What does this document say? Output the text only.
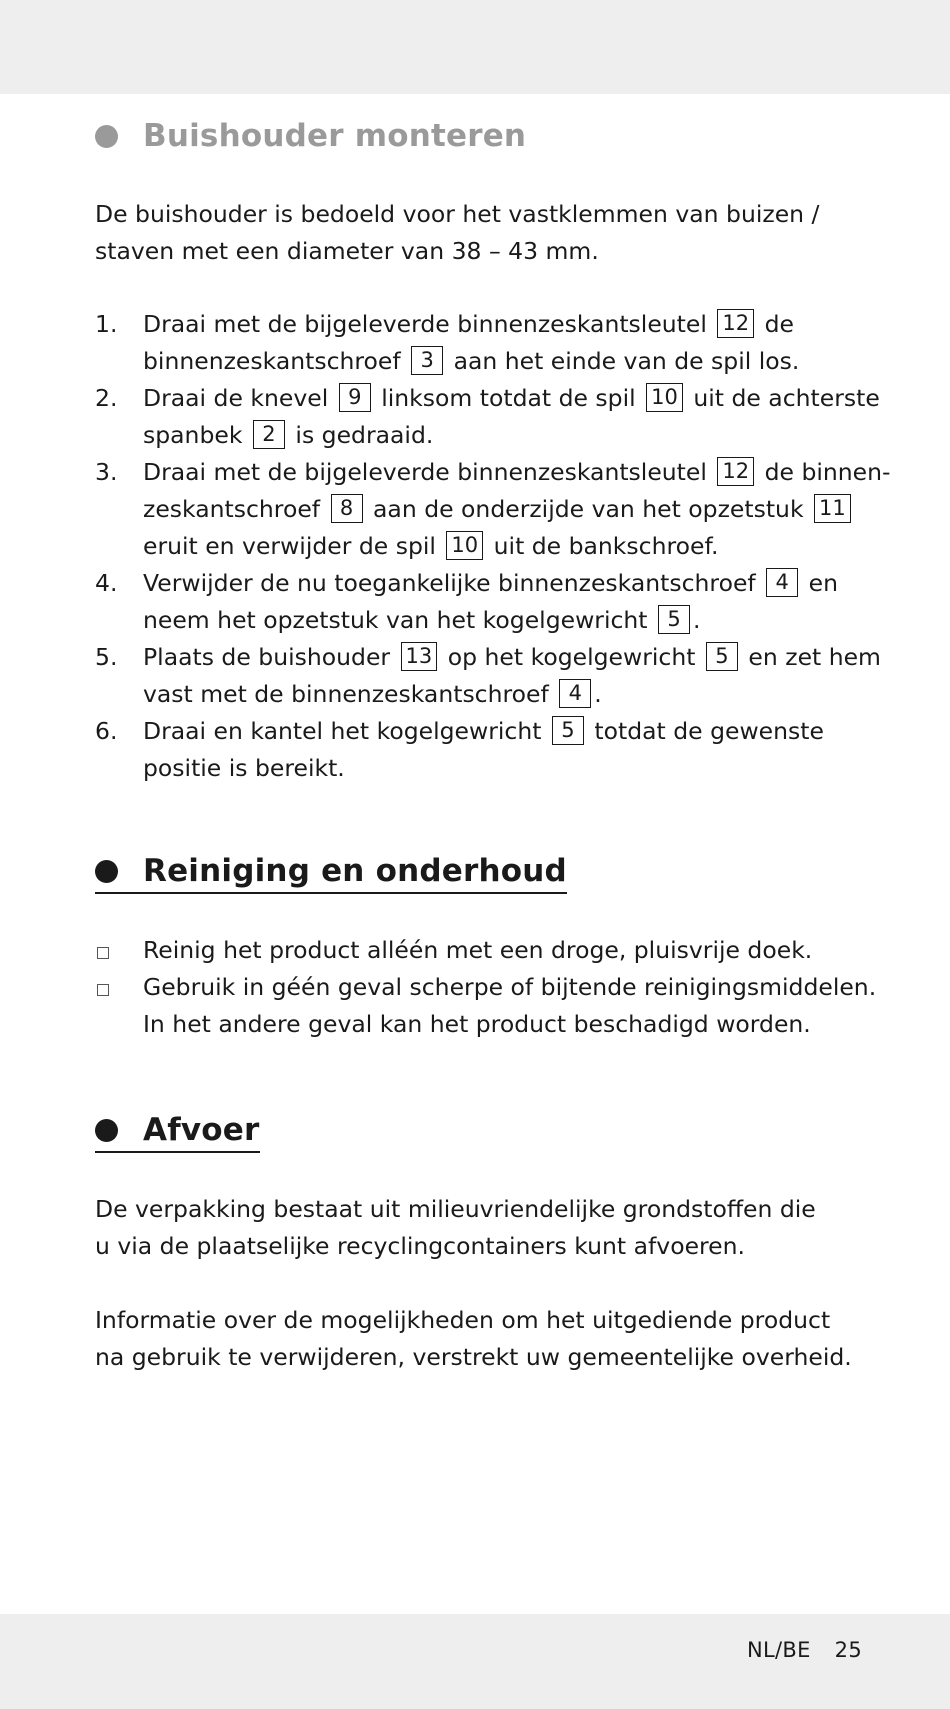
Buishouder monteren
De buishouder is bedoeld voor het vastklemmen van buizen /
staven met een diameter van 38 – 43 mm.
1. Draai met de bijgeleverde binnenzeskantsleutel 12 de
binnenzeskantschroef 3 aan het einde van de spil los.
2. Draai de knevel 9 linksom totdat de spil 10 uit de achterste
spanbek 2 is gedraaid.
3. Draai met de bijgeleverde binnenzeskantsleutel 12 de binnen-
zeskantschroef 8 aan de onderzijde van het opzetstuk 11
eruit en verwijder de spil 10 uit de bankschroef.
4. Verwijder de nu toegankelijke binnenzeskantschroef 4 en
neem het opzetstuk van het kogelgewricht 5 .
5. Plaats de buishouder 13 op het kogelgewricht 5 en zet hem
vast met de binnenzeskantschroef 4 .
6. Draai en kantel het kogelgewricht 5 totdat de gewenste
positie is bereikt.
Reiniging en onderhoud
Reinig het product alléén met een droge, pluisvrije doek.
Gebruik in géén geval scherpe of bijtende reinigingsmiddelen.
In het andere geval kan het product beschadigd worden.
Afvoer
De verpakking bestaat uit milieuvriendelijke grondstoffen die
u via de plaatselijke recyclingcontainers kunt afvoeren.
Informatie over de mogelijkheden om het uitgediende product
na gebruik te verwijderen, verstrekt uw gemeentelijke overheid.
NL/BE 25
